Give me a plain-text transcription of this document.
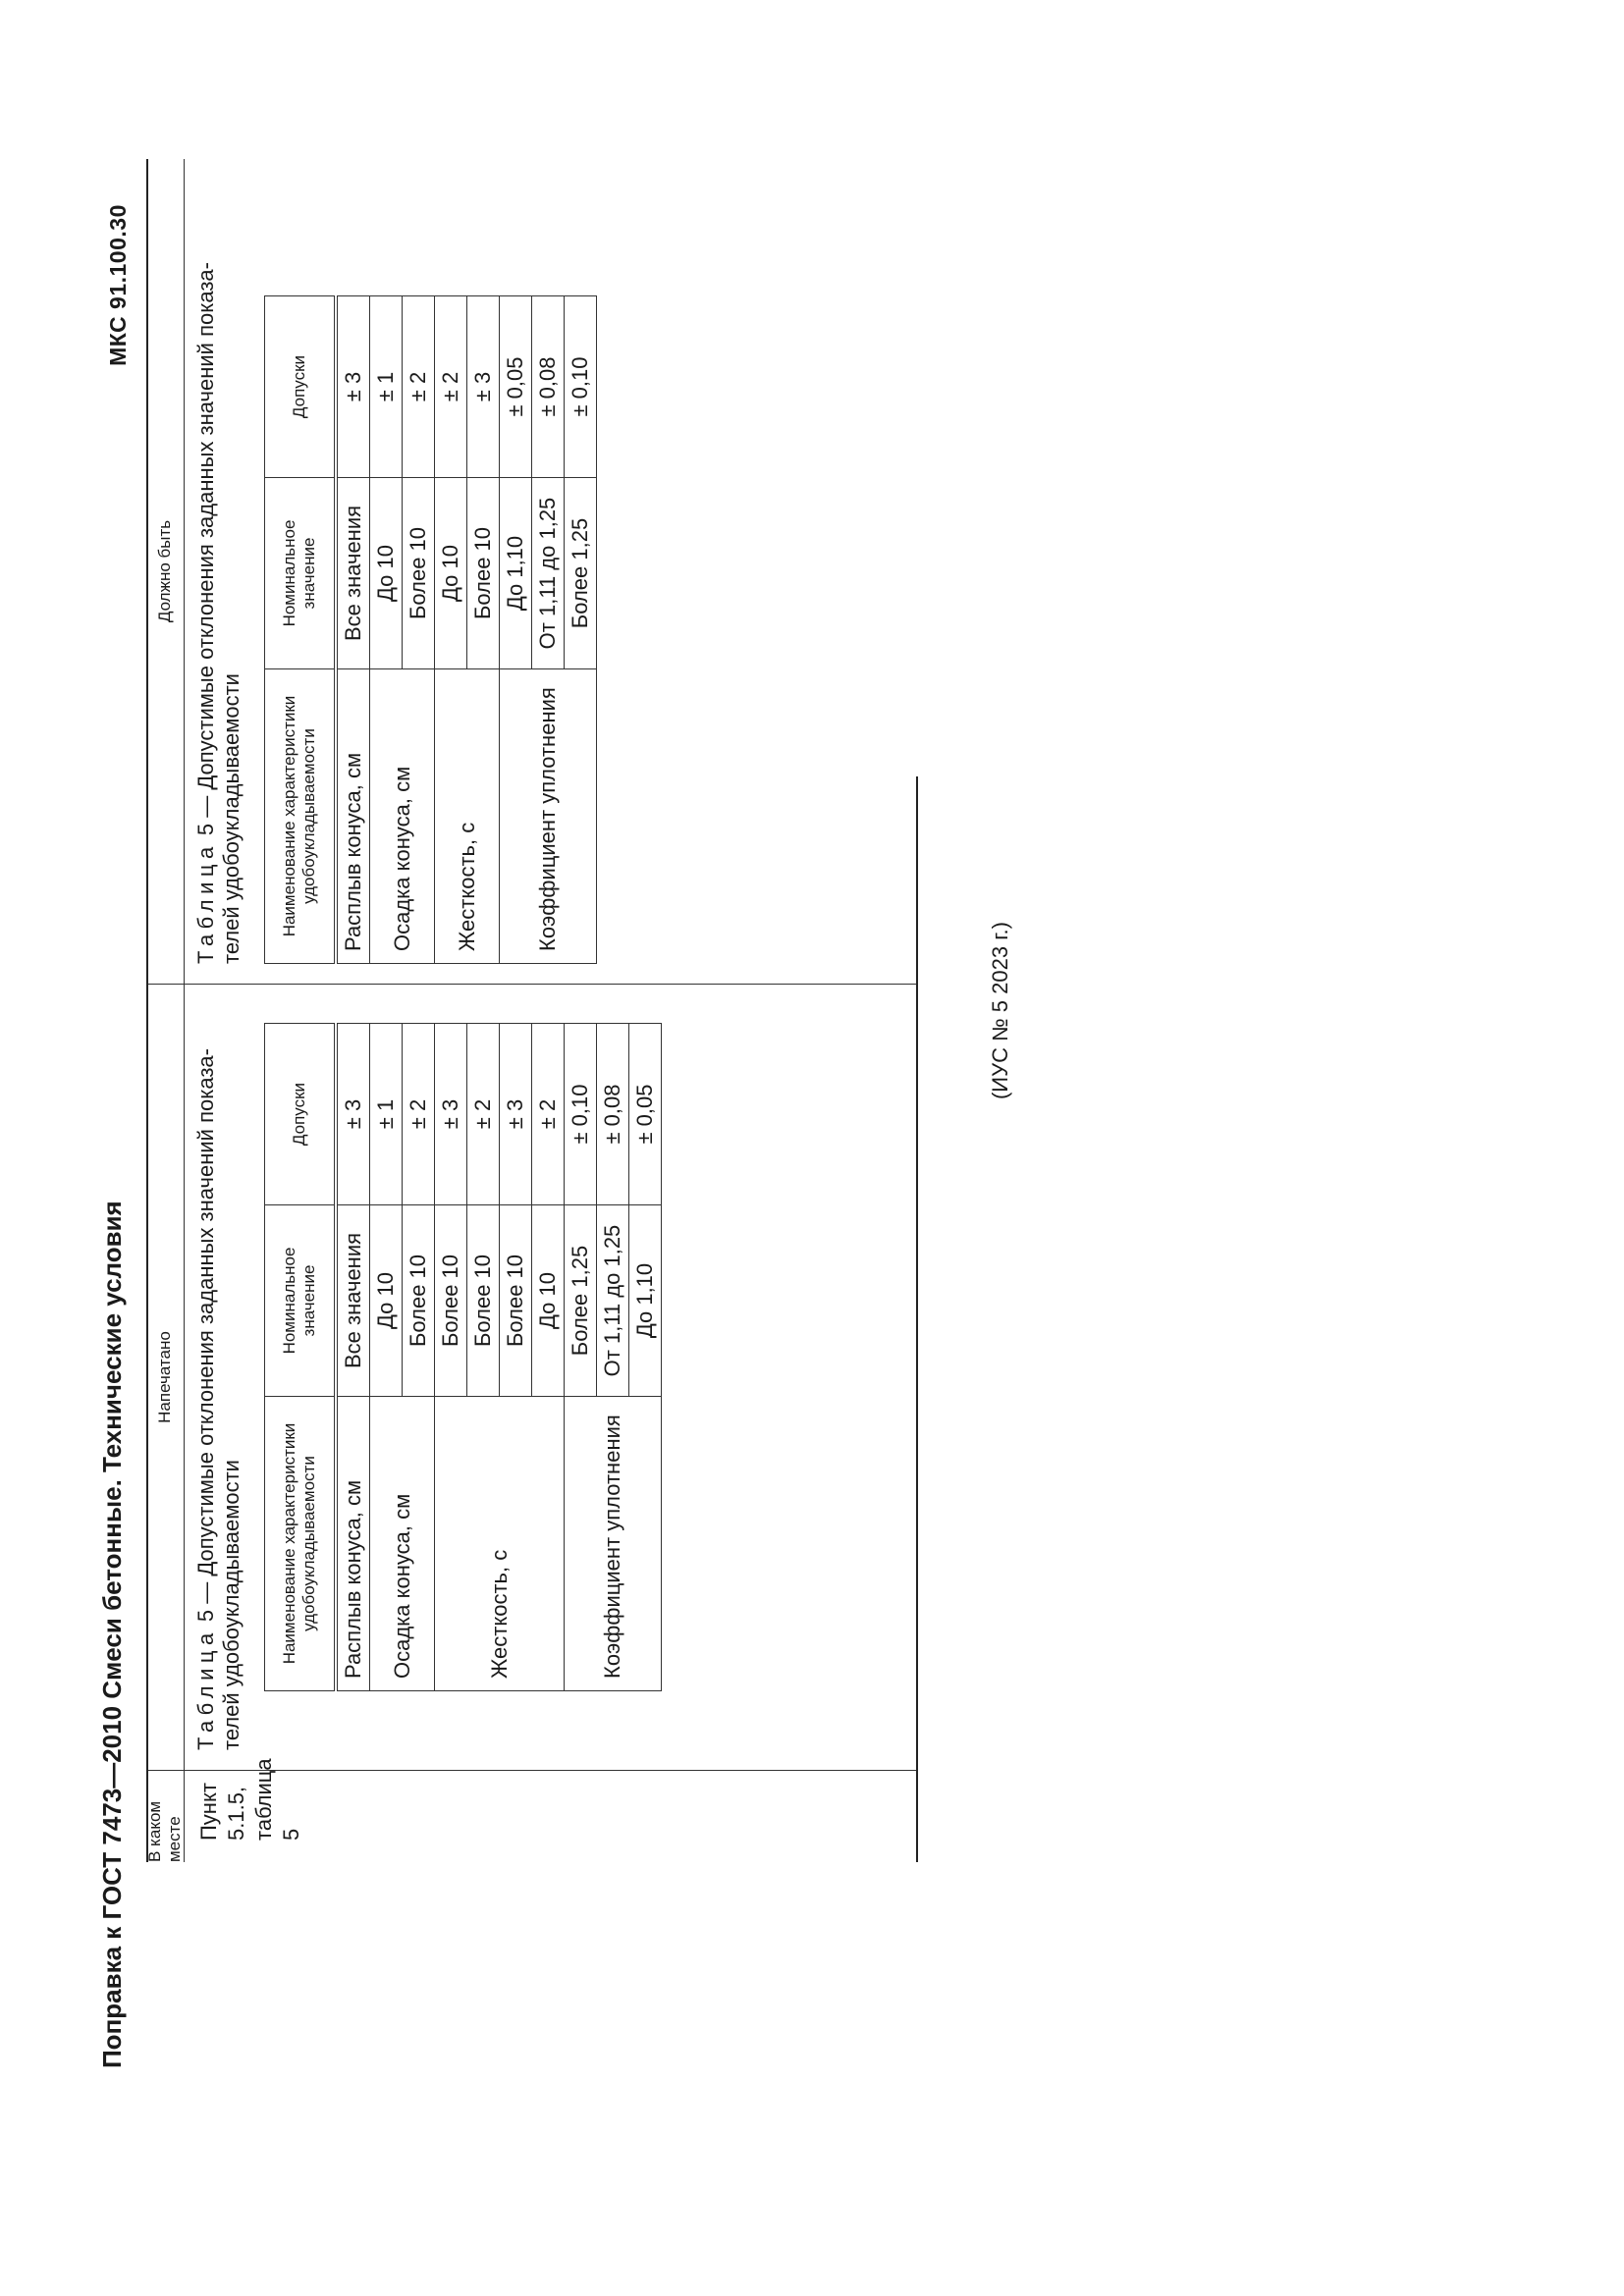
МКС 91.100.30
Поправка к ГОСТ 7473—2010 Смеси бетонные. Технические условия В каком месте Пункт 5.1.5, таблица 5
Напечатано
Таблица 5 — Допустимые отклонения заданных значений показа-
телей удобоукладываемости Наименование характеристики удобоукладываемости	Номинальное значение	Допуски
Расплыв конуса, см	Все значения	± 3
Осадка конуса, см	До 10	± 1
	Более 10	± 2
Жесткость, с	Более 10	± 3
	Более 10	± 2
	Более 10	± 3
	До 10	± 2
Коэффициент уплотнения	Более 1,25	± 0,10
	От 1,11 до 1,25	± 0,08
	До 1,10	± 0,05
Должно быть
Таблица 5 — Допустимые отклонения заданных значений показа-
телей удобоукладываемости Наименование характеристики удобоукладываемости	Номинальное значение	Допуски
Расплыв конуса, см	Все значения	± 3
Осадка конуса, см	До 10	± 1
	Более 10	± 2
Жесткость, с	До 10	± 2
	Более 10	± 3
Коэффициент уплотнения	До 1,10	± 0,05
	От 1,11 до 1,25	± 0,08
	Более 1,25	± 0,10
(ИУС № 5 2023 г.)
